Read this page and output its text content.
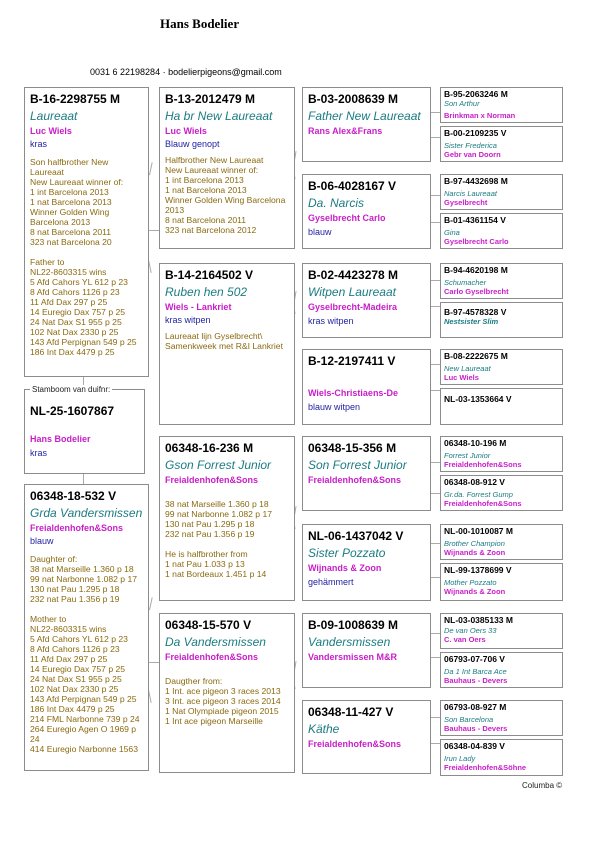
Hans Bodelier
0031 6 22198284 · bodelierpigeons@gmail.com
B-16-2298755 M
Laureaat
Luc Wiels
kras
Son halfbrother New Laureaat
New Laureaat winner of:
1 int Barcelona 2013
1 nat Barcelona 2013
Winner Golden Wing Barcelona 2013
8 nat Barcelona 2011
323 nat Barcelona 20

Father to
NL22-8603315 wins
5 Afd Cahors YL 612 p 23
8 Afd Cahors 1126 p 23
11 Afd Dax 297 p 25
14 Euregio Dax 757 p 25
24 Nat Dax S1 955 p 25
102 Nat Dax 2330 p 25
143 Afd Perpignan 549 p 25
186 Int Dax 4479 p 25
NL-25-1607867
Hans Bodelier
kras
Stamboom van duifnr:
06348-18-532 V
Grda Vandersmissen
Freialdenhofen&Sons
blauw
Daughter of:
38 nat Marseille 1.360 p 18
99 nat Narbonne 1.082 p 17
130 nat Pau 1.295 p 18
232 nat Pau 1.356 p 19

Mother to
NL22-8603315 wins
5 Afd Cahors YL 612 p 23
8 Afd Cahors 1126 p 23
11 Afd Dax 297 p 25
14 Euregio Dax 757 p 25
24 Nat Dax S1 955 p 25
102 Nat Dax 2330 p 25
143 Afd Perpignan 549 p 25
186 Int Dax 4479 p 25
214 FML Narbonne 739 p 24
264 Euregio Agen O 1969 p 24
414 Euregio Narbonne 1563
B-13-2012479 M
Ha br New Laureaat
Luc Wiels
Blauw genopt
Halfbrother New Laureaat
New Laureaat winner of:
1 int Barcelona 2013
1 nat Barcelona 2013
Winner Golden Wing Barcelona 2013
8 nat Barcelona 2011
323 nat Barcelona 2012
B-14-2164502 V
Ruben hen 502
Wiels - Lankriet
kras witpen
Laureaat lijn Gyselbrecht\ Samenkweek met R&I Lankriet
06348-16-236 M
Gson Forrest Junior
Freialdenhofen&Sons
38 nat Marseille 1.360 p 18
99 nat Narbonne 1.082 p 17
130 nat Pau 1.295 p 18
232 nat Pau 1.356 p 19

He is halfbrother from
1 nat Pau 1.033 p 13
1 nat Bordeaux 1.451 p 14
06348-15-570 V
Da Vandersmissen
Freialdenhofen&Sons
Daugther from:
1 Int. ace pigeon 3 races 2013
3 Int. ace pigeon 3 races 2014
1 Nat Olympiade pigeon 2015
1 Int ace pigeon Marseille
B-03-2008639 M
Father New Laureaat
Rans Alex&Frans
B-06-4028167 V
Da. Narcis
Gyselbrecht Carlo
blauw
B-02-4423278 M
Witpen Laureaat
Gyselbrecht-Madeira
kras witpen
B-12-2197411 V
Wiels-Christiaens-De
blauw witpen
06348-15-356 M
Son Forrest Junior
Freialdenhofen&Sons
NL-06-1437042 V
Sister Pozzato
Wijnands & Zoon
gehämmert
B-09-1008639 M
Vandersmissen
Vandersmissen M&R
06348-11-427 V
Käthe
Freialdenhofen&Sons
B-95-2063246 M
Son Arthur
Brinkman x Norman
B-00-2109235 V
Sister Frederica
Gebr van Doorn
B-97-4432698 M
Narcis Laureaat
Gyselbrecht
B-01-4361154 V
Gina
Gyselbrecht Carlo
B-94-4620198 M
Schumacher
Carlo Gyselbrecht
B-97-4578328 V
Nestsister Slim
B-08-2222675 M
New Laureaat
Luc Wiels
NL-03-1353664 V
06348-10-196 M
Forrest Junior
Freialdenhofen&Sons
06348-08-912 V
Gr.da. Forrest Gump
Freialdenhofen&Sons
NL-00-1010087 M
Brother Champion
Wijnands & Zoon
NL-99-1378699 V
Mother Pozzato
Wijnands & Zoon
NL-03-0385133 M
De van Oers 33
C. van Oers
06793-07-706 V
Da 1 Int Barca Ace
Bauhaus - Devers
06793-08-927 M
Son Barcelona
Bauhaus - Devers
06348-04-839 V
Irun Lady
Freialdenhofen&Söhne
Columba ©
